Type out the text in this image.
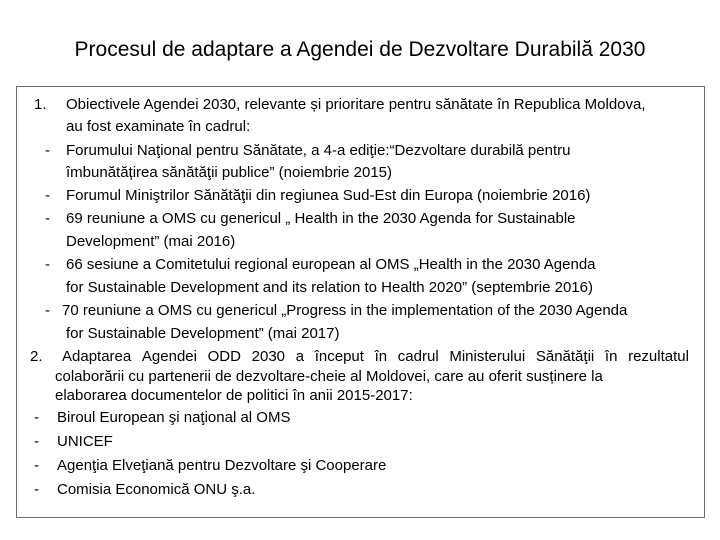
Procesul de adaptare a Agendei de Dezvoltare Durabilă 2030
1. Obiectivele Agendei 2030, relevante și prioritare pentru sănătate în Republica Moldova,
au fost examinate în cadrul:
- Forumului Naţional pentru Sănătate, a 4-a ediţie:“Dezvoltare durabilă pentru
îmbunătățirea sănătăţii publice” (noiembrie 2015)
- Forumul Miniştrilor Sănătăţii din regiunea Sud-Est din Europa (noiembrie 2016)
- 69 reuniune a OMS cu genericul „ Health in the 2030 Agenda for Sustainable
Development” (mai 2016)
- 66 sesiune a Comitetului regional european al OMS „Health in the 2030 Agenda
for Sustainable Development and its relation to Health 2020” (septembrie 2016)
- 70 reuniune a OMS cu genericul „Progress in the implementation of the 2030 Agenda
for Sustainable Development” (mai 2017)
2. Adaptarea Agendei ODD 2030 a început în cadrul Ministerului Sănătăţii în rezultatul
colaborării cu partenerii de dezvoltare-cheie al Moldovei, care au oferit susținere la
elaborarea documentelor de politici în anii 2015-2017:
- Biroul European şi naţional al OMS
- UNICEF
- Agenţia Elveţiană pentru Dezvoltare şi Cooperare
- Comisia Economică ONU ş.a.
